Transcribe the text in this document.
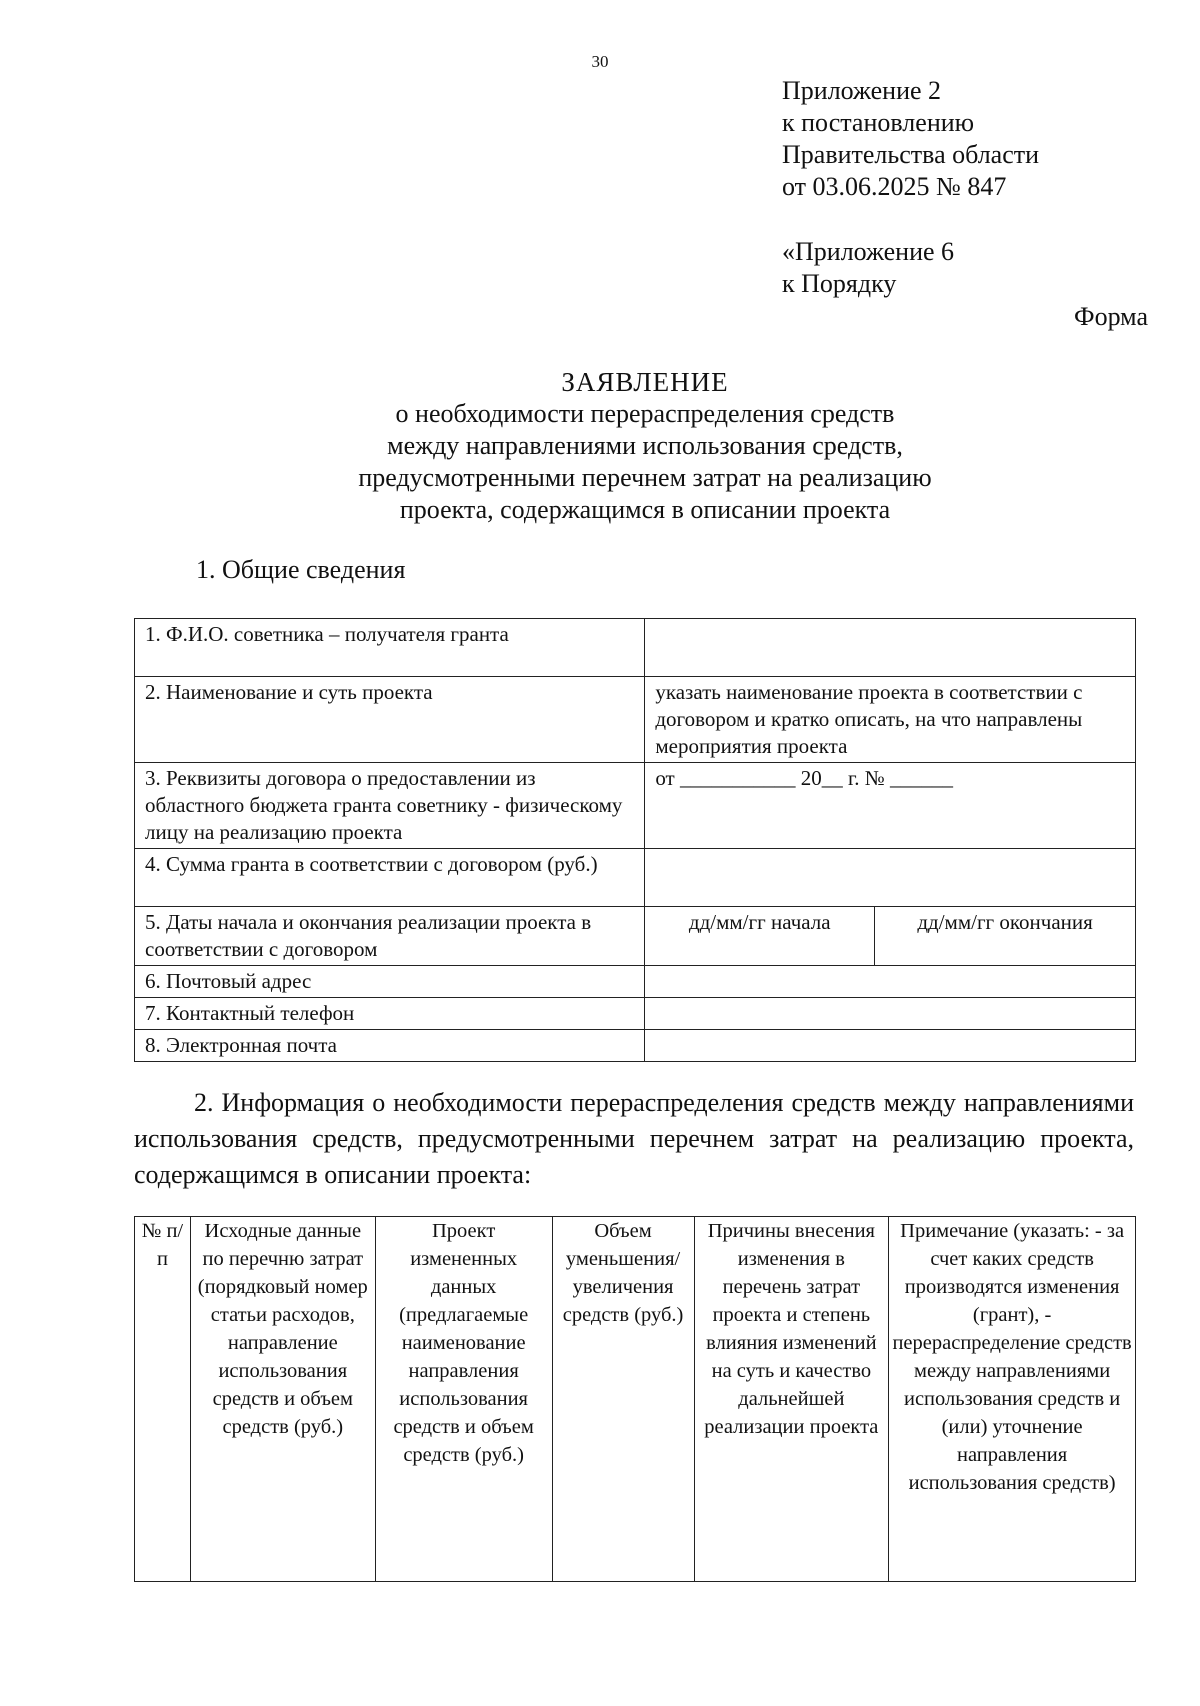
30
Приложение 2
к постановлению
Правительства области
от 03.06.2025 № 847
«Приложение 6
к Порядку
Форма
ЗАЯВЛЕНИЕ
о необходимости перераспределения средств
между направлениями использования средств,
предусмотренными перечнем затрат на реализацию
проекта, содержащимся в описании проекта
1. Общие сведения
1. Ф.И.О. советника – получателя гранта		
2. Наименование и суть проекта	указать наименование проекта в соответствии с договором и кратко описать, на что направлены мероприятия проекта	
3. Реквизиты договора о предоставлении из областного бюджета гранта советнику - физическому лицу на реализацию проекта	от ___________ 20__ г. № ______	
4. Сумма гранта в соответствии с договором (руб.)		
5. Даты начала и окончания реализации проекта в соответствии с договором	дд/мм/гг начала	дд/мм/гг окончания
6. Почтовый адрес		
7. Контактный телефон		
8. Электронная почта		
2. Информация о необходимости перераспределения средств между направлениями использования средств, предусмотренными перечнем затрат на реализацию проекта, содержащимся в описании проекта:
№ п/п	Исходные данные по перечню затрат (порядковый номер статьи расходов, направление использования средств и объем средств (руб.)	Проект измененных данных (предлагаемые наименование направления использования средств и объем средств (руб.)	Объем уменьшения/ увеличения средств (руб.)	Причины внесения изменения в перечень затрат проекта и степень влияния изменений на суть и качество дальнейшей реализации проекта	Примечание (указать: - за счет каких средств производятся изменения (грант), - перераспределение средств между направлениями использования средств и (или) уточнение направления использования средств)
